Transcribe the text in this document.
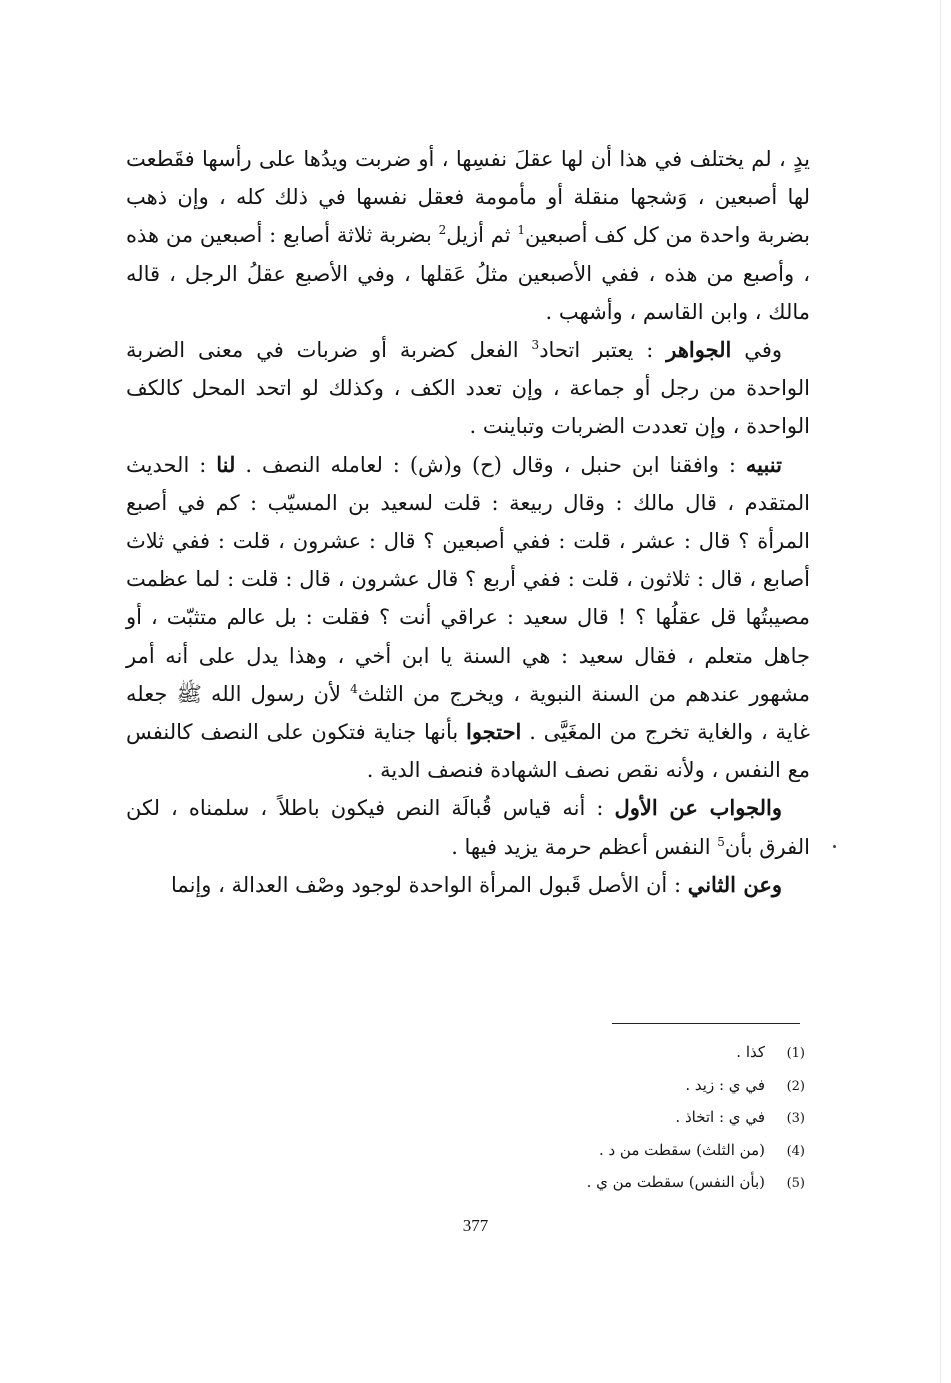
يدٍ ، لم يختلف في هذا أن لها عقلَ نفسِها ، أو ضربت ويدُها على رأسها فقَطعت لها أصبعين ، وَشجها منقلة أو مأمومة فعقل نفسها في ذلك كله ، وإن ذهب بضربة واحدة من كل كف أصبعين$^1$ ثم أزيل$^2$ بضربة ثلاثة أصابع : أصبعين من هذه ، وأصبع من هذه ، ففي الأصبعين مثلُ عَقلها ، وفي الأصبع عقلُ الرجل ، قاله مالك ، وابن القاسم ، وأشهب .

وفي الجواهر : يعتبر اتحاد$^3$ الفعل كضربة أو ضربات في معنى الضربة الواحدة من رجل أو جماعة ، وإن تعدد الكف ، وكذلك لو اتحد المحل كالكف الواحدة ، وإن تعددت الضربات وتباينت .

تنبيه : وافقنا ابن حنبل ، وقال (ح) و(ش) : لعامله النصف . لنا : الحديث المتقدم ، قال مالك : وقال ربيعة : قلت لسعيد بن المسيّب : كم في أصبع المرأة ؟ قال : عشر ، قلت : ففي أصبعين ؟ قال : عشرون ، قلت : ففي ثلاث أصابع ، قال : ثلاثون ، قلت : ففي أربع ؟ قال عشرون ، قال : قلت : لما عظمت مصيبتُها قل عقلُها ؟ ! قال سعيد : عراقي أنت ؟ فقلت : بل عالم متثبّت ، أو جاهل متعلم ، فقال سعيد : هي السنة يا ابن أخي ، وهذا يدل على أنه أمر مشهور عندهم من السنة النبوية ، ويخرج من الثلث$^4$ لأن رسول الله ﷺ جعله غاية ، والغاية تخرج من المغَيَّى . احتجوا بأنها جناية فتكون على النصف كالنفس مع النفس ، ولأنه نقص نصف الشهادة فنصف الدية .

والجواب عن الأول : أنه قياس قُبالَة النص فيكون باطلاً ، سلمناه ، لكن الفرق بأن$^5$ النفس أعظم حرمة يزيد فيها .

وعن الثاني : أن الأصل قَبول المرأة الواحدة لوجود وصْف العدالة ، وإنما

(1)
كذا .
(2)
في ي : زيد .
(3)
في ي : اتخاذ .
(4)
(من الثلث) سقطت من د .
(5)
(بأن النفس) سقطت من ي .
377
